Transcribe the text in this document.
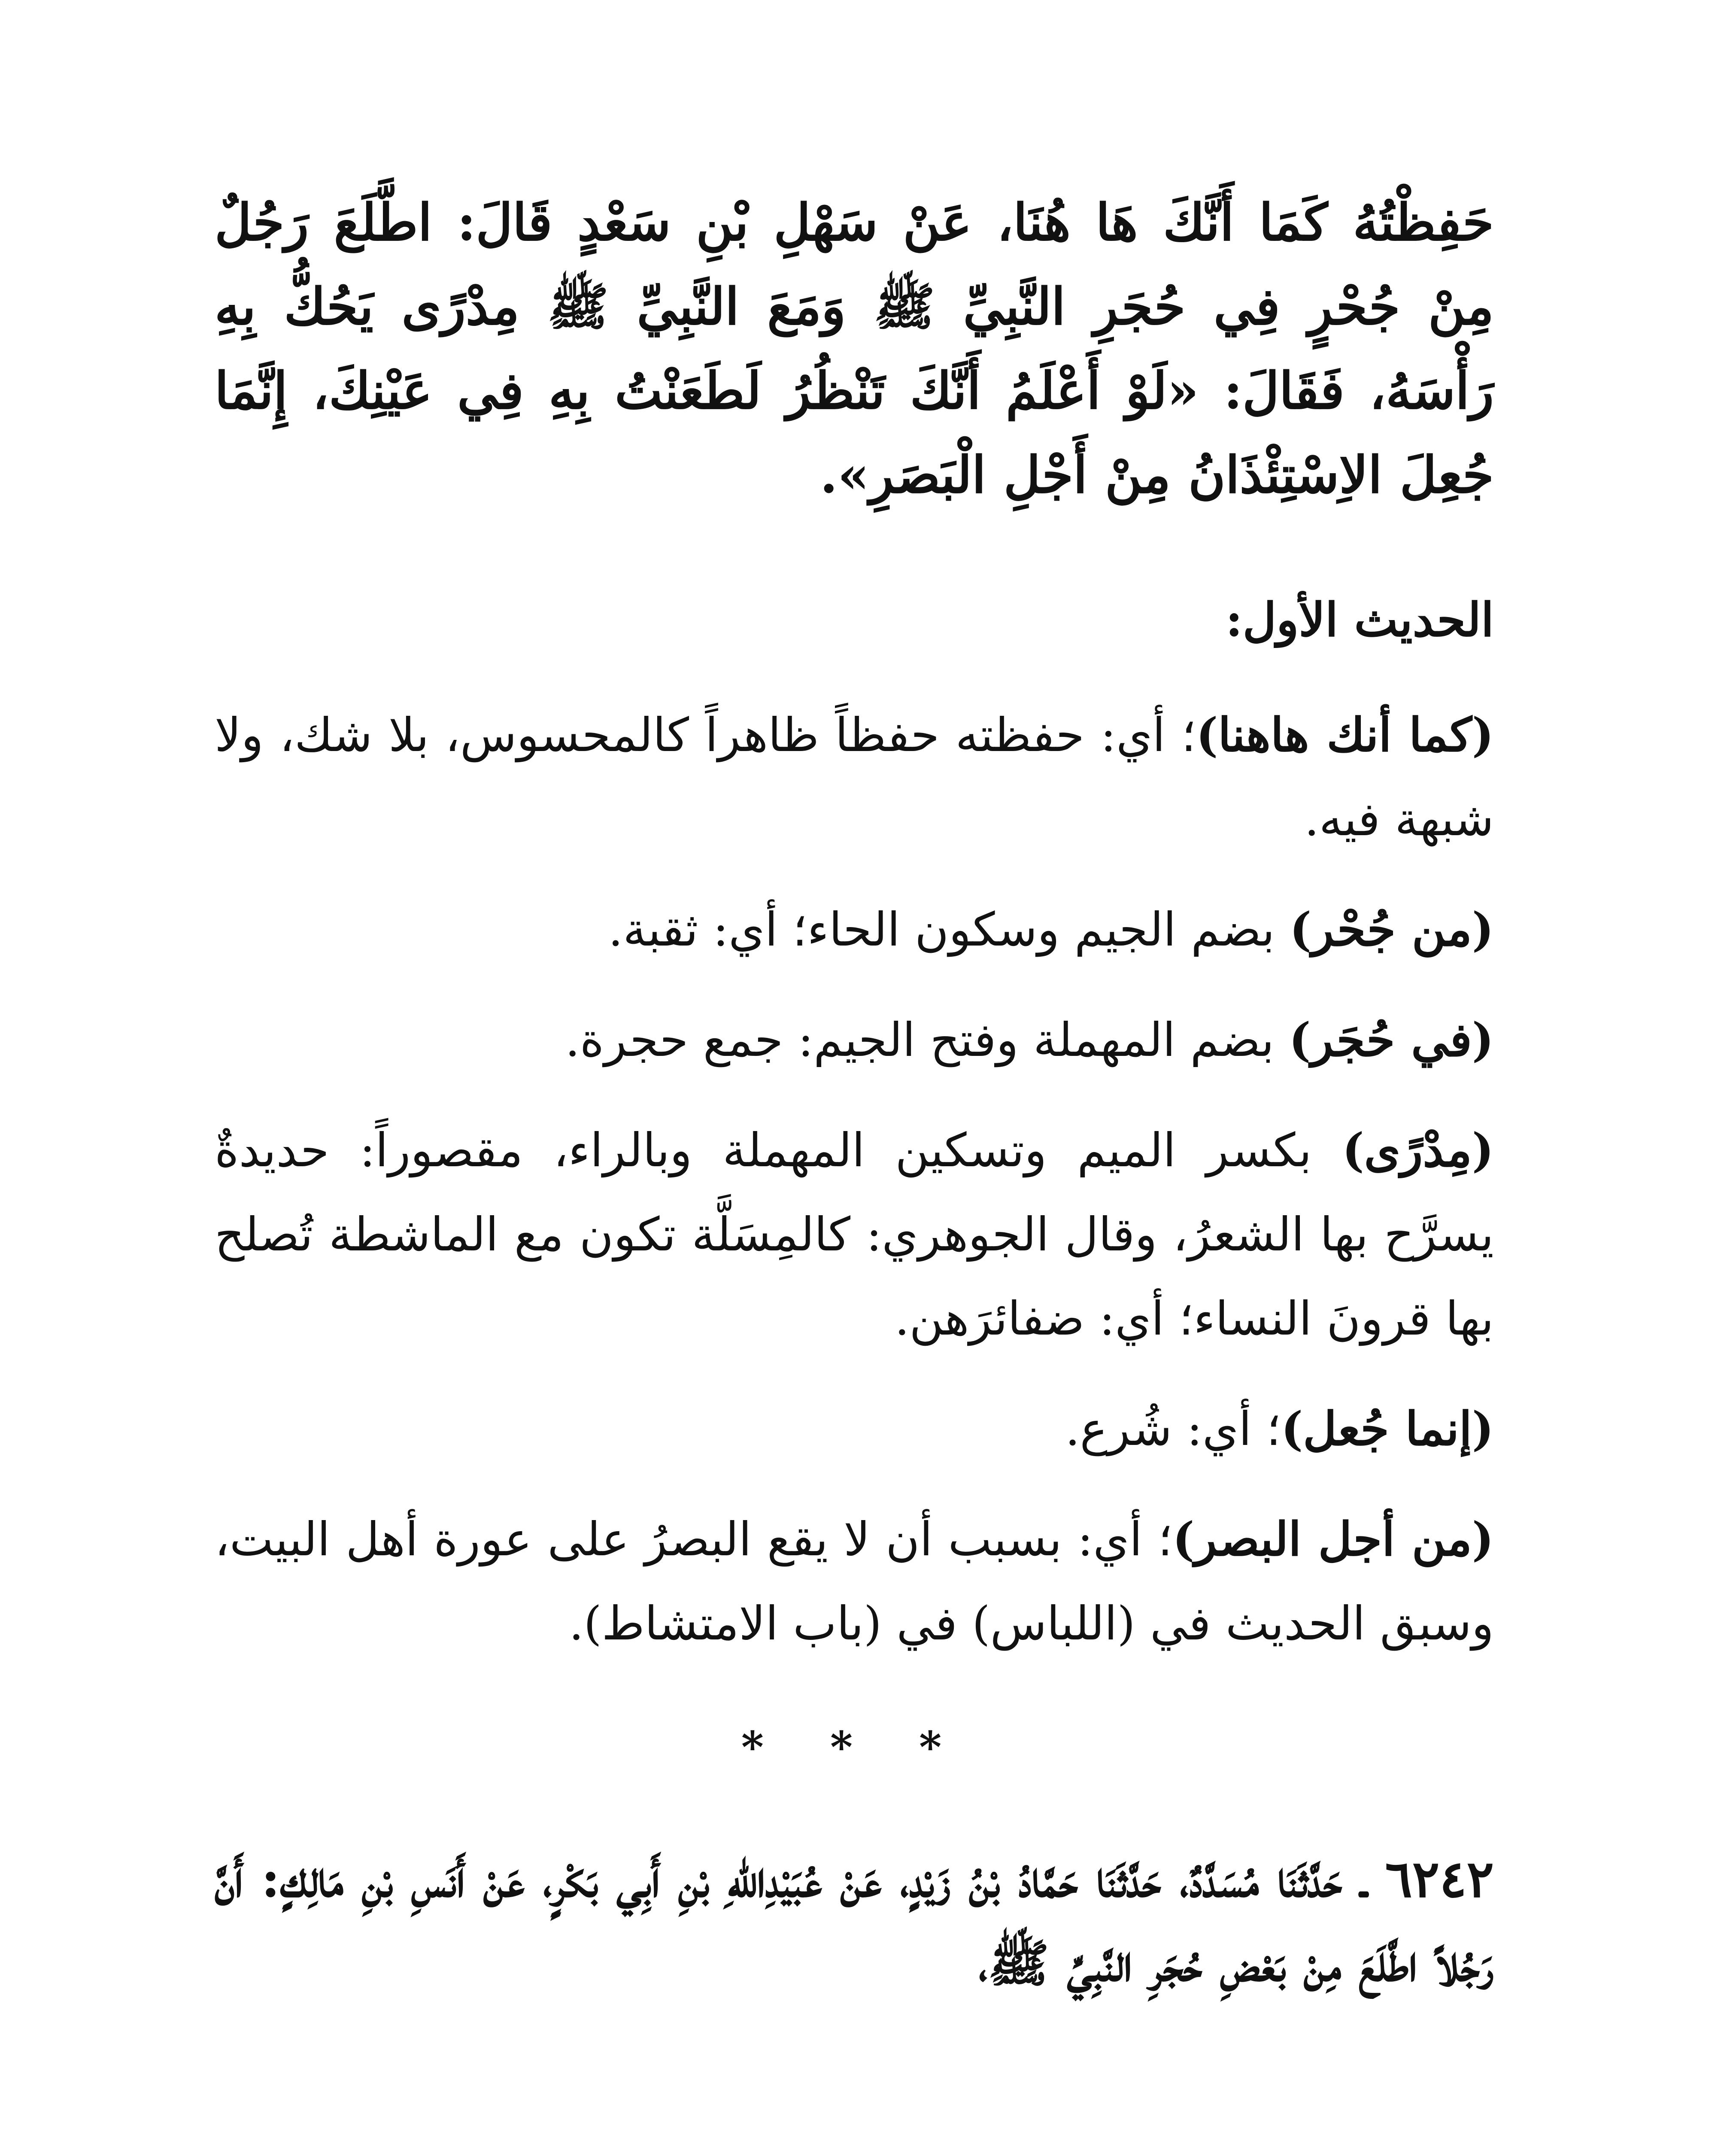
حَفِظْتُهُ كَمَا أَنَّكَ هَا هُنَا، عَنْ سَهْلِ بْنِ سَعْدٍ قَالَ: اطَّلَعَ رَجُلٌ مِنْ جُحْرٍ فِي حُجَرِ النَّبِيِّ ﷺ وَمَعَ النَّبِيِّ ﷺ مِدْرًى يَحُكُّ بِهِ رَأْسَهُ، فَقَالَ: «لَوْ أَعْلَمُ أَنَّكَ تَنْظُرُ لَطَعَنْتُ بِهِ فِي عَيْنِكَ، إِنَّمَا جُعِلَ الاِسْتِئْذَانُ مِنْ أَجْلِ الْبَصَرِ».

الحديث الأول:

(كما أنك هاهنا)؛ أي: حفظته حفظاً ظاهراً كالمحسوس، بلا شك، ولا شبهة فيه.

(من جُحْر) بضم الجيم وسكون الحاء؛ أي: ثقبة.

(في حُجَر) بضم المهملة وفتح الجيم: جمع حجرة.

(مِدْرًى) بكسر الميم وتسكين المهملة وبالراء، مقصوراً: حديدةٌ يسرَّح بها الشعرُ، وقال الجوهري: كالمِسَلَّة تكون مع الماشطة تُصلح بها قرونَ النساء؛ أي: ضفائرَهن.

(إنما جُعل)؛ أي: شُرع.

(من أجل البصر)؛ أي: بسبب أن لا يقع البصرُ على عورة أهل البيت، وسبق الحديث في (اللباس) في (باب الامتشاط).

* * *

٦٢٤٢ ـ حَدَّثَنَا مُسَدَّدٌ، حَدَّثَنَا حَمَّادُ بْنُ زَيْدٍ، عَنْ عُبَيْدِاللهِ بْنِ أَبِي بَكْرٍ، عَنْ أَنَسِ بْنِ مَالِكٍ: أَنَّ رَجُلاً اطَّلَعَ مِنْ بَعْضِ حُجَرِ النَّبِيِّ ﷺ،
